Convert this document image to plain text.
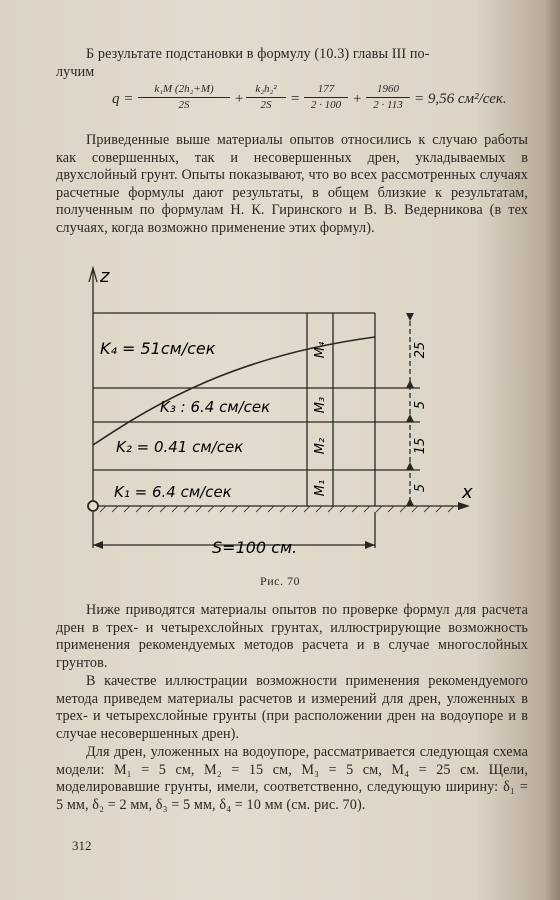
Б результате подстановки в формулу (10.3) главы III по-

лучим

$q = \frac{\text{k₁M (2h₂+M)}}{2S} + \frac{\text{k₂h₂²}}{2S} = \frac{177}{2 \cdot 100} + \frac{1960}{2 \cdot 113} = 9,56$ см²/сек.

Приведенные выше материалы опытов относились к случаю работы как совершенных, так и несовершенных дрен, укладываемых в двухслойный грунт. Опыты показывают, что во всех рассмотренных случаях расчетные формулы дают результаты, в общем близкие к результатам, полученным по формулам Н. К. Гиринского и В. В. Ведерникова (в тех случаях, когда возможно применение этих формул).

z
x
K₄ = 51см/сек
K₃ : 6.4 см/сек
K₂ = 0.41 см/сек
K₁ = 6.4 см/сек
M₄
M₃
M₂
M₁
25
5
15
5
S=100 см.
Рис. 70

Ниже приводятся материалы опытов по проверке формул для расчета дрен в трех- и четырехслойных грунтах, иллюстрирующие возможность применения рекомендуемых методов расчета и в случае многослойных грунтов.

В качестве иллюстрации возможности применения рекомендуемого метода приведем материалы расчетов и измерений для дрен, уложенных в трех- и четырехслойные грунты (при расположении дрен на водоупоре и в случае несовершенных дрен).

Для дрен, уложенных на водоупоре, рассматривается следующая схема модели: M₁ = 5 см, M₂ = 15 см, M₃ = 5 см, M₄ = 25 см. Щели, моделировавшие грунты, имели, соответственно, следующую ширину: δ₁ = 5 мм, δ₂ = 2 мм, δ₃ = 5 мм, δ₄ = 10 мм (см. рис. 70).

312
